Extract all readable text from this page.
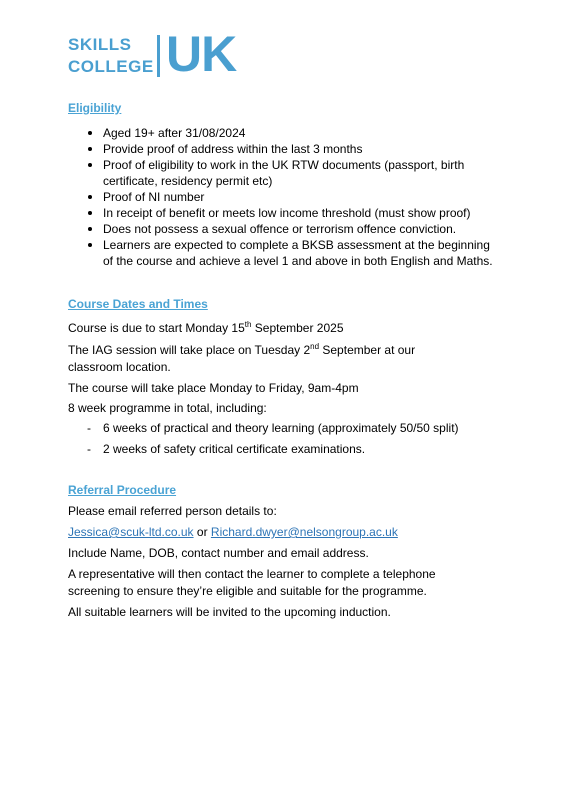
SKILLS
COLLEGE UK
Eligibility
Aged 19+ after 31/08/2024
Provide proof of address within the last 3 months
Proof of eligibility to work in the UK RTW documents (passport, birth certificate, residency permit etc)
Proof of NI number
In receipt of benefit or meets low income threshold (must show proof)
Does not possess a sexual offence or terrorism offence conviction.
Learners are expected to complete a BKSB assessment at the beginning of the course and achieve a level 1 and above in both English and Maths.
Course Dates and Times
Course is due to start Monday 15th September 2025
The IAG session will take place on Tuesday 2nd September at our classroom location.
The course will take place Monday to Friday, 9am-4pm
8 week programme in total, including:
- 6 weeks of practical and theory learning (approximately 50/50 split)
- 2 weeks of safety critical certificate examinations.
Referral Procedure
Please email referred person details to:
Jessica@scuk-ltd.co.uk or Richard.dwyer@nelsongroup.ac.uk
Include Name, DOB, contact number and email address.
A representative will then contact the learner to complete a telephone screening to ensure they’re eligible and suitable for the programme.
All suitable learners will be invited to the upcoming induction.
